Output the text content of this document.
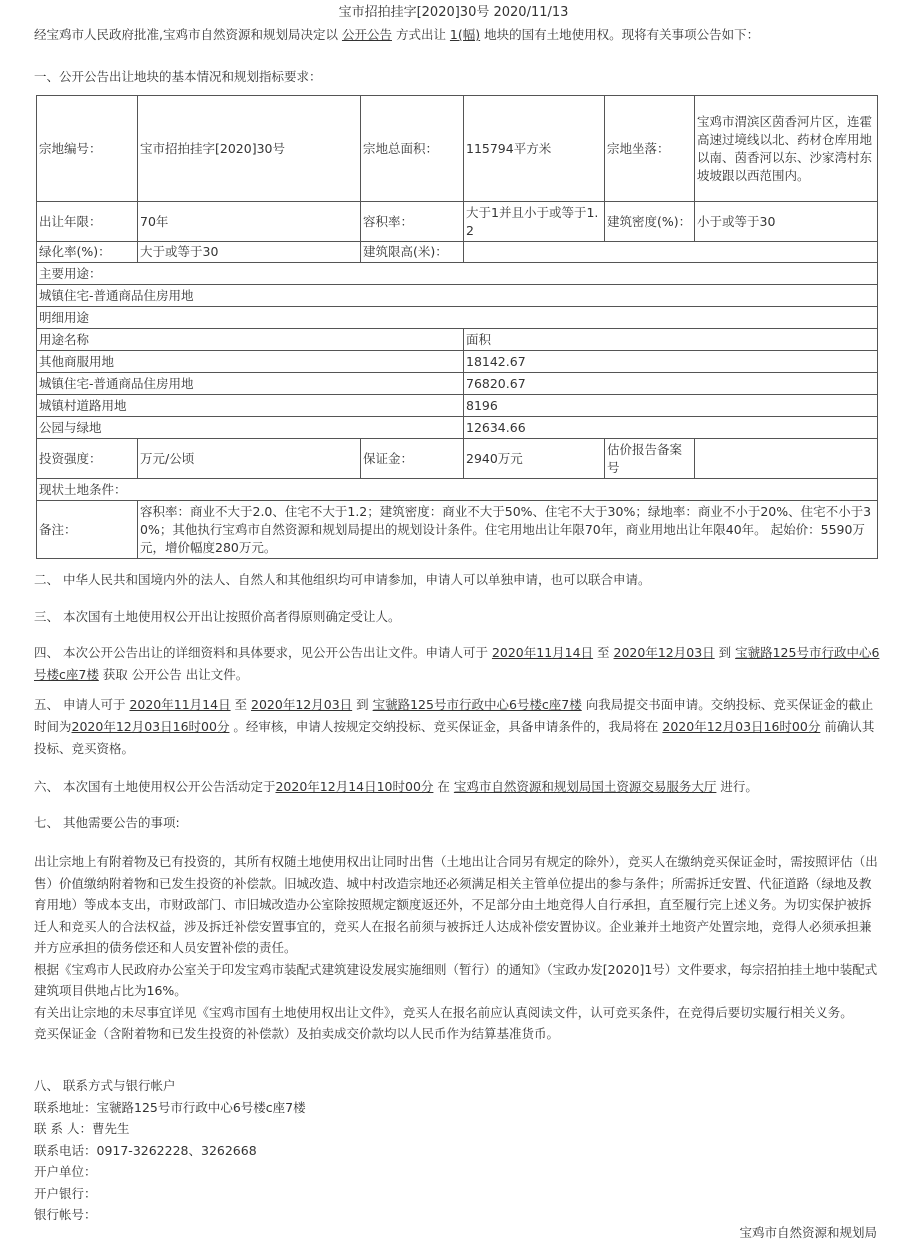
宝市招拍挂字[2020]30号 2020/11/13
经宝鸡市人民政府批准,宝鸡市自然资源和规划局决定以 公开公告 方式出让 1(幅) 地块的国有土地使用权。现将有关事项公告如下：
一、公开公告出让地块的基本情况和规划指标要求：
宗地编号：	宝市招拍挂字[2020]30号	宗地总面积：	115794平方米	宗地坐落：	宝鸡市渭滨区茵香河片区，连霍高速过境线以北、药材仓库用地以南、茵香河以东、沙家湾村东坡坡跟以西范围内。
出让年限：	70年	容积率：	大于1并且小于或等于1.2	建筑密度(%)：	小于或等于30
绿化率(%)：	大于或等于30	建筑限高(米)：			
主要用途：					
城镇住宅-普通商品住房用地					
明细用途					
用途名称			面积		
其他商服用地			18142.67		
城镇住宅-普通商品住房用地			76820.67		
城镇村道路用地			8196		
公园与绿地			12634.66		
投资强度：	万元/公顷	保证金：	2940万元	估价报告备案号	
现状土地条件：					
备注：	容积率：商业不大于2.0、住宅不大于1.2；建筑密度：商业不大于50%、住宅不大于30%；绿地率：商业不小于20%、住宅不小于30%；其他执行宝鸡市自然资源和规划局提出的规划设计条件。住宅用地出让年限70年，商业用地出让年限40年。 起始价：5590万元，增价幅度280万元。				
二、 中华人民共和国境内外的法人、自然人和其他组织均可申请参加，申请人可以单独申请，也可以联合申请。
三、 本次国有土地使用权公开出让按照价高者得原则确定受让人。
四、 本次公开公告出让的详细资料和具体要求，见公开公告出让文件。申请人可于 2020年11月14日 至 2020年12月03日 到 宝虢路125号市行政中心6号楼c座7楼 获取 公开公告 出让文件。
五、 申请人可于 2020年11月14日 至 2020年12月03日 到 宝虢路125号市行政中心6号楼c座7楼 向我局提交书面申请。交纳投标、竞买保证金的截止时间为2020年12月03日16时00分 。经审核，申请人按规定交纳投标、竞买保证金，具备申请条件的，我局将在 2020年12月03日16时00分 前确认其投标、竞买资格。
六、 本次国有土地使用权公开公告活动定于2020年12月14日10时00分 在 宝鸡市自然资源和规划局国土资源交易服务大厅 进行。
七、 其他需要公告的事项:
出让宗地上有附着物及已有投资的，其所有权随土地使用权出让同时出售（土地出让合同另有规定的除外），竞买人在缴纳竞买保证金时，需按照评估（出售）价值缴纳附着物和已发生投资的补偿款。旧城改造、城中村改造宗地还必须满足相关主管单位提出的参与条件；所需拆迁安置、代征道路（绿地及教育用地）等成本支出，市财政部门、市旧城改造办公室除按照规定额度返还外，不足部分由土地竞得人自行承担，直至履行完上述义务。为切实保护被拆迁人和竞买人的合法权益，涉及拆迁补偿安置事宜的，竞买人在报名前须与被拆迁人达成补偿安置协议。企业兼并土地资产处置宗地，竞得人必须承担兼并方应承担的债务偿还和人员安置补偿的责任。
根据《宝鸡市人民政府办公室关于印发宝鸡市装配式建筑建设发展实施细则（暂行）的通知》（宝政办发[2020]1号）文件要求，每宗招拍挂土地中装配式建筑项目供地占比为16%。
有关出让宗地的未尽事宜详见《宝鸡市国有土地使用权出让文件》，竞买人在报名前应认真阅读文件，认可竞买条件，在竞得后要切实履行相关义务。
竞买保证金（含附着物和已发生投资的补偿款）及拍卖成交价款均以人民币作为结算基准货币。
八、 联系方式与银行帐户
联系地址：宝虢路125号市行政中心6号楼c座7楼
联 系 人：曹先生
联系电话：0917-3262228、3262668
开户单位：
开户银行：
银行帐号：
宝鸡市自然资源和规划局
